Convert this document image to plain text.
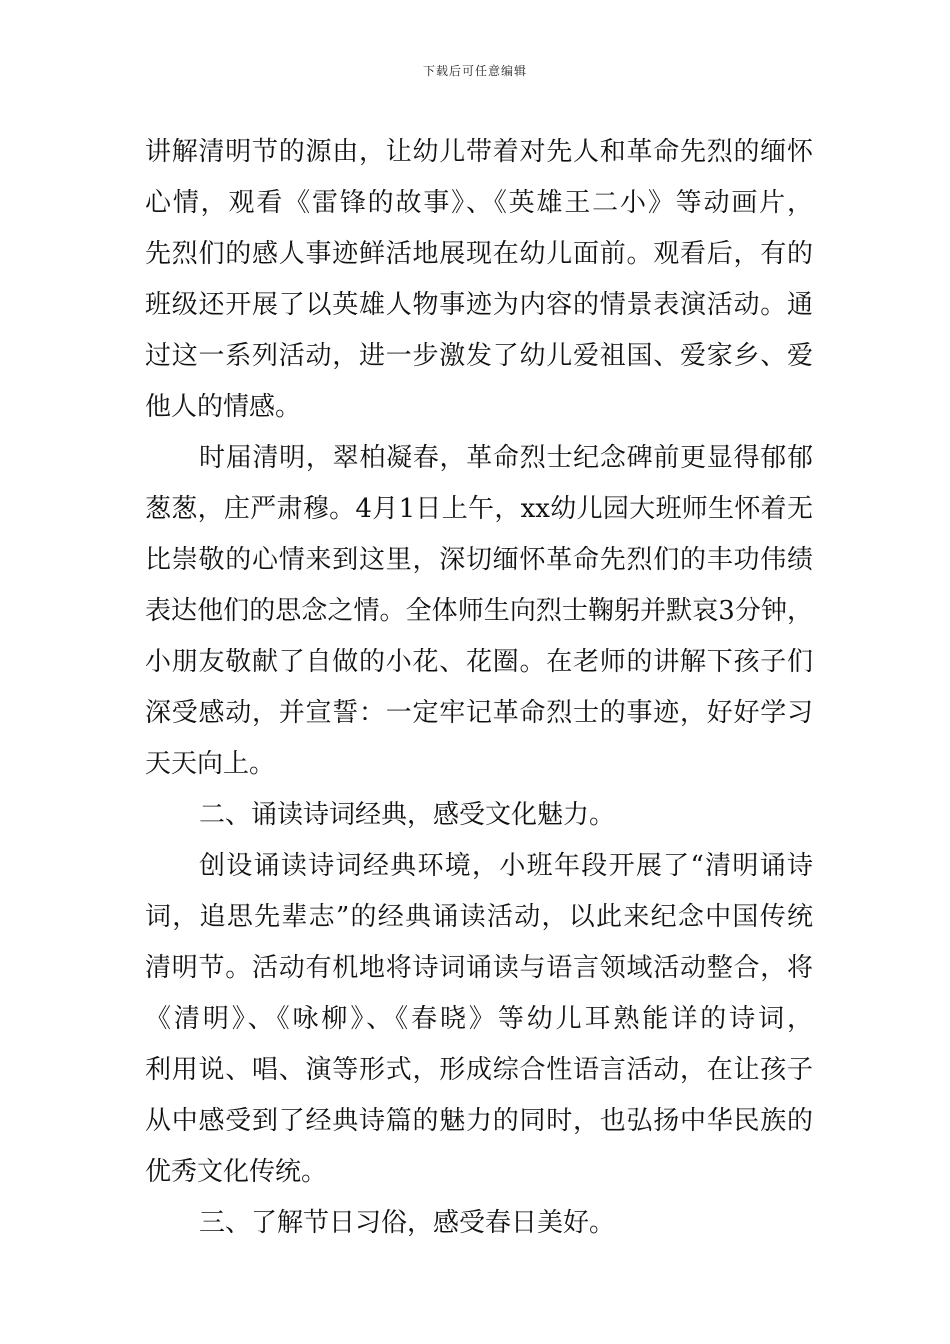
下载后可任意编辑
讲解清明节的源由，让幼儿带着对先人和革命先烈的缅怀
心情，观看《雷锋的故事》、《英雄王二小》等动画片，
先烈们的感人事迹鲜活地展现在幼儿面前。观看后，有的
班级还开展了以英雄人物事迹为内容的情景表演活动。通
过这一系列活动，进一步激发了幼儿爱祖国、爱家乡、爱
他人的情感。
时届清明，翠柏凝春，革命烈士纪念碑前更显得郁郁
葱葱，庄严肃穆。4月1日上午，xx幼儿园大班师生怀着无
比崇敬的心情来到这里，深切缅怀革命先烈们的丰功伟绩
表达他们的思念之情。全体师生向烈士鞠躬并默哀3分钟，
小朋友敬献了自做的小花、花圈。在老师的讲解下孩子们
深受感动，并宣誓：一定牢记革命烈士的事迹，好好学习
天天向上。
二、诵读诗词经典，感受文化魅力。
创设诵读诗词经典环境，小班年段开展了“清明诵诗
词，追思先辈志”的经典诵读活动，以此来纪念中国传统
清明节。活动有机地将诗词诵读与语言领域活动整合，将
《清明》、《咏柳》、《春晓》等幼儿耳熟能详的诗词，
利用说、唱、演等形式，形成综合性语言活动，在让孩子
从中感受到了经典诗篇的魅力的同时，也弘扬中华民族的
优秀文化传统。
三、了解节日习俗，感受春日美好。
